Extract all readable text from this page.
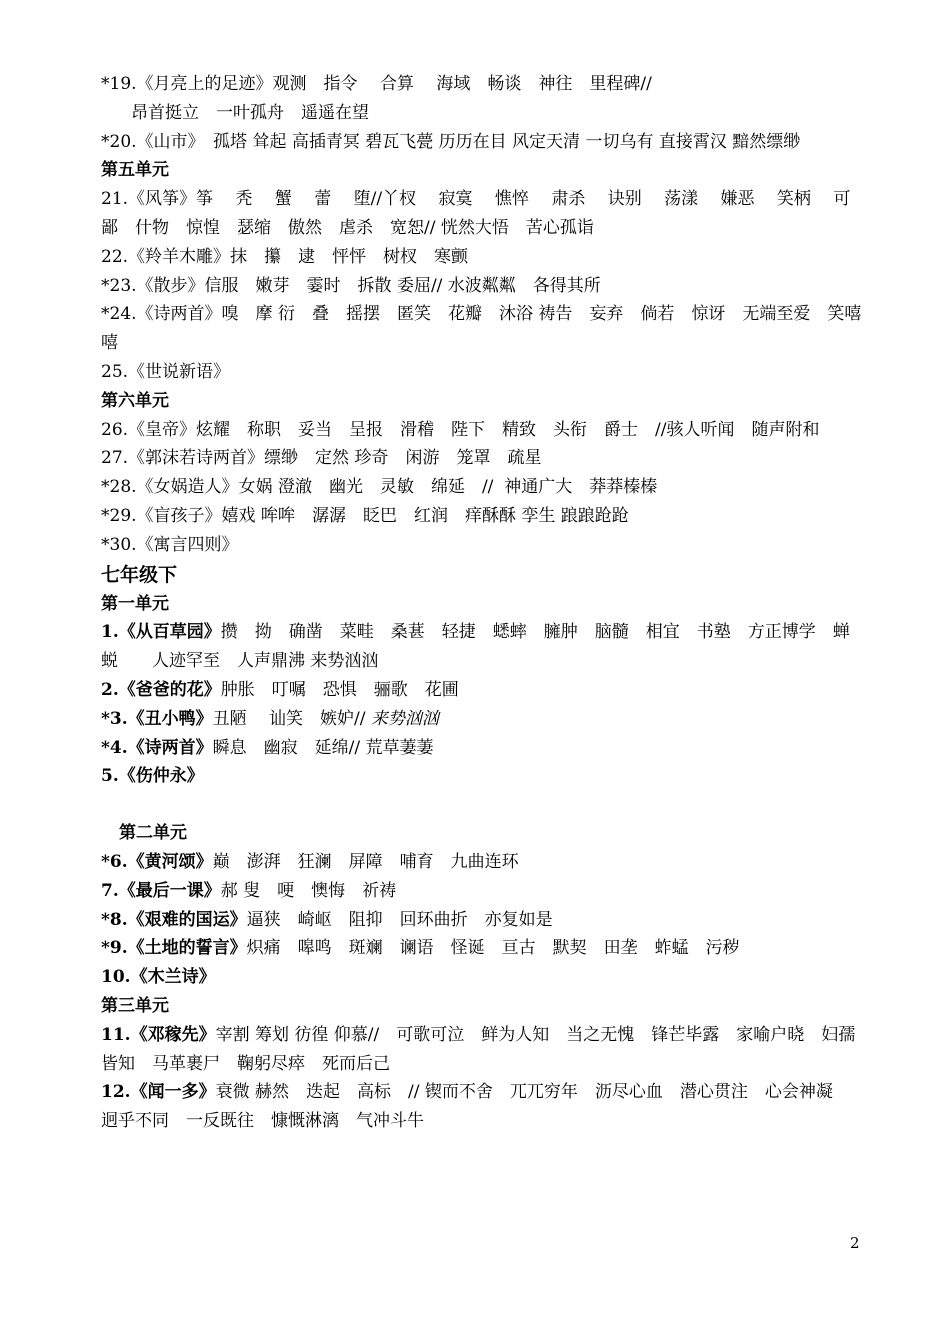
*19.《月亮上的足迹》观测　指令　 合算　 海域　畅谈　神往　里程碑//

昂首挺立　一叶孤舟　遥遥在望

*20.《山市》　孤塔 耸起 高插青冥 碧瓦飞甍 历历在目 风定天清 一切乌有 直接霄汉 黯然缥缈

第五单元

21.《风筝》筝　 秃　 蟹　 蕾　 堕//丫杈　 寂寞　 憔悴　 肃杀　 诀别　 荡漾　 嫌恶　 笑柄　 可鄙　什物　惊惶　瑟缩　傲然　虐杀　宽恕// 恍然大悟　苦心孤诣

22.《羚羊木雕》抹　攥　逮　怦怦　树杈　寒颤

*23.《散步》信服　嫩芽　霎时　拆散 委屈// 水波粼粼　各得其所

*24.《诗两首》嗅　摩 衍　叠　摇摆　匿笑　花瓣　沐浴 祷告　妄弃　倘若　惊讶　无端至爱　笑嘻嘻

25.《世说新语》

第六单元

26.《皇帝》炫耀　称职　妥当　呈报　滑稽　陛下　精致　头衔　爵士　//骇人听闻　随声附和

27.《郭沫若诗两首》缥缈　定然 珍奇　闲游　笼罩　疏星

*28.《女娲造人》女娲 澄澈　幽光　灵敏　绵延　//  神通广大　莽莽榛榛

*29.《盲孩子》嬉戏 哞哞　潺潺　眨巴　红润　痒酥酥 孪生 踉踉跄跄

*30.《寓言四则》

七年级下

第一单元

1.《从百草园》攒　拗　确凿　菜畦　桑葚　轻捷　蟋蟀　臃肿　脑髓　相宜　书塾　方正博学　蝉蜕　　人迹罕至　人声鼎沸 来势汹汹

2.《爸爸的花》肿胀　叮嘱　恐惧　骊歌　花圃

*3.《丑小鸭》丑陋　 讪笑　嫉妒// 来势汹汹

*4.《诗两首》瞬息　幽寂　延绵// 荒草萋萋

5.《伤仲永》

第二单元

*6.《黄河颂》巅　澎湃　狂澜　屏障　哺育　九曲连环

7.《最后一课》郝 叟　哽　懊悔　祈祷

*8.《艰难的国运》逼狭　崎岖　阻抑　回环曲折　亦复如是

*9.《土地的誓言》炽痛　嗥鸣　斑斓　谰语　怪诞　亘古　默契　田垄　蚱蜢　污秽

10.《木兰诗》

第三单元

11.《邓稼先》宰割 筹划 彷徨 仰慕//　可歌可泣　鲜为人知　当之无愧　锋芒毕露　家喻户晓　妇孺皆知　马革裹尸　鞠躬尽瘁　死而后己

12.《闻一多》衰微 赫然　迭起　高标　// 锲而不舍　兀兀穷年　沥尽心血　潜心贯注　心会神凝　迥乎不同　一反既往　慷慨淋漓　气冲斗牛

2
